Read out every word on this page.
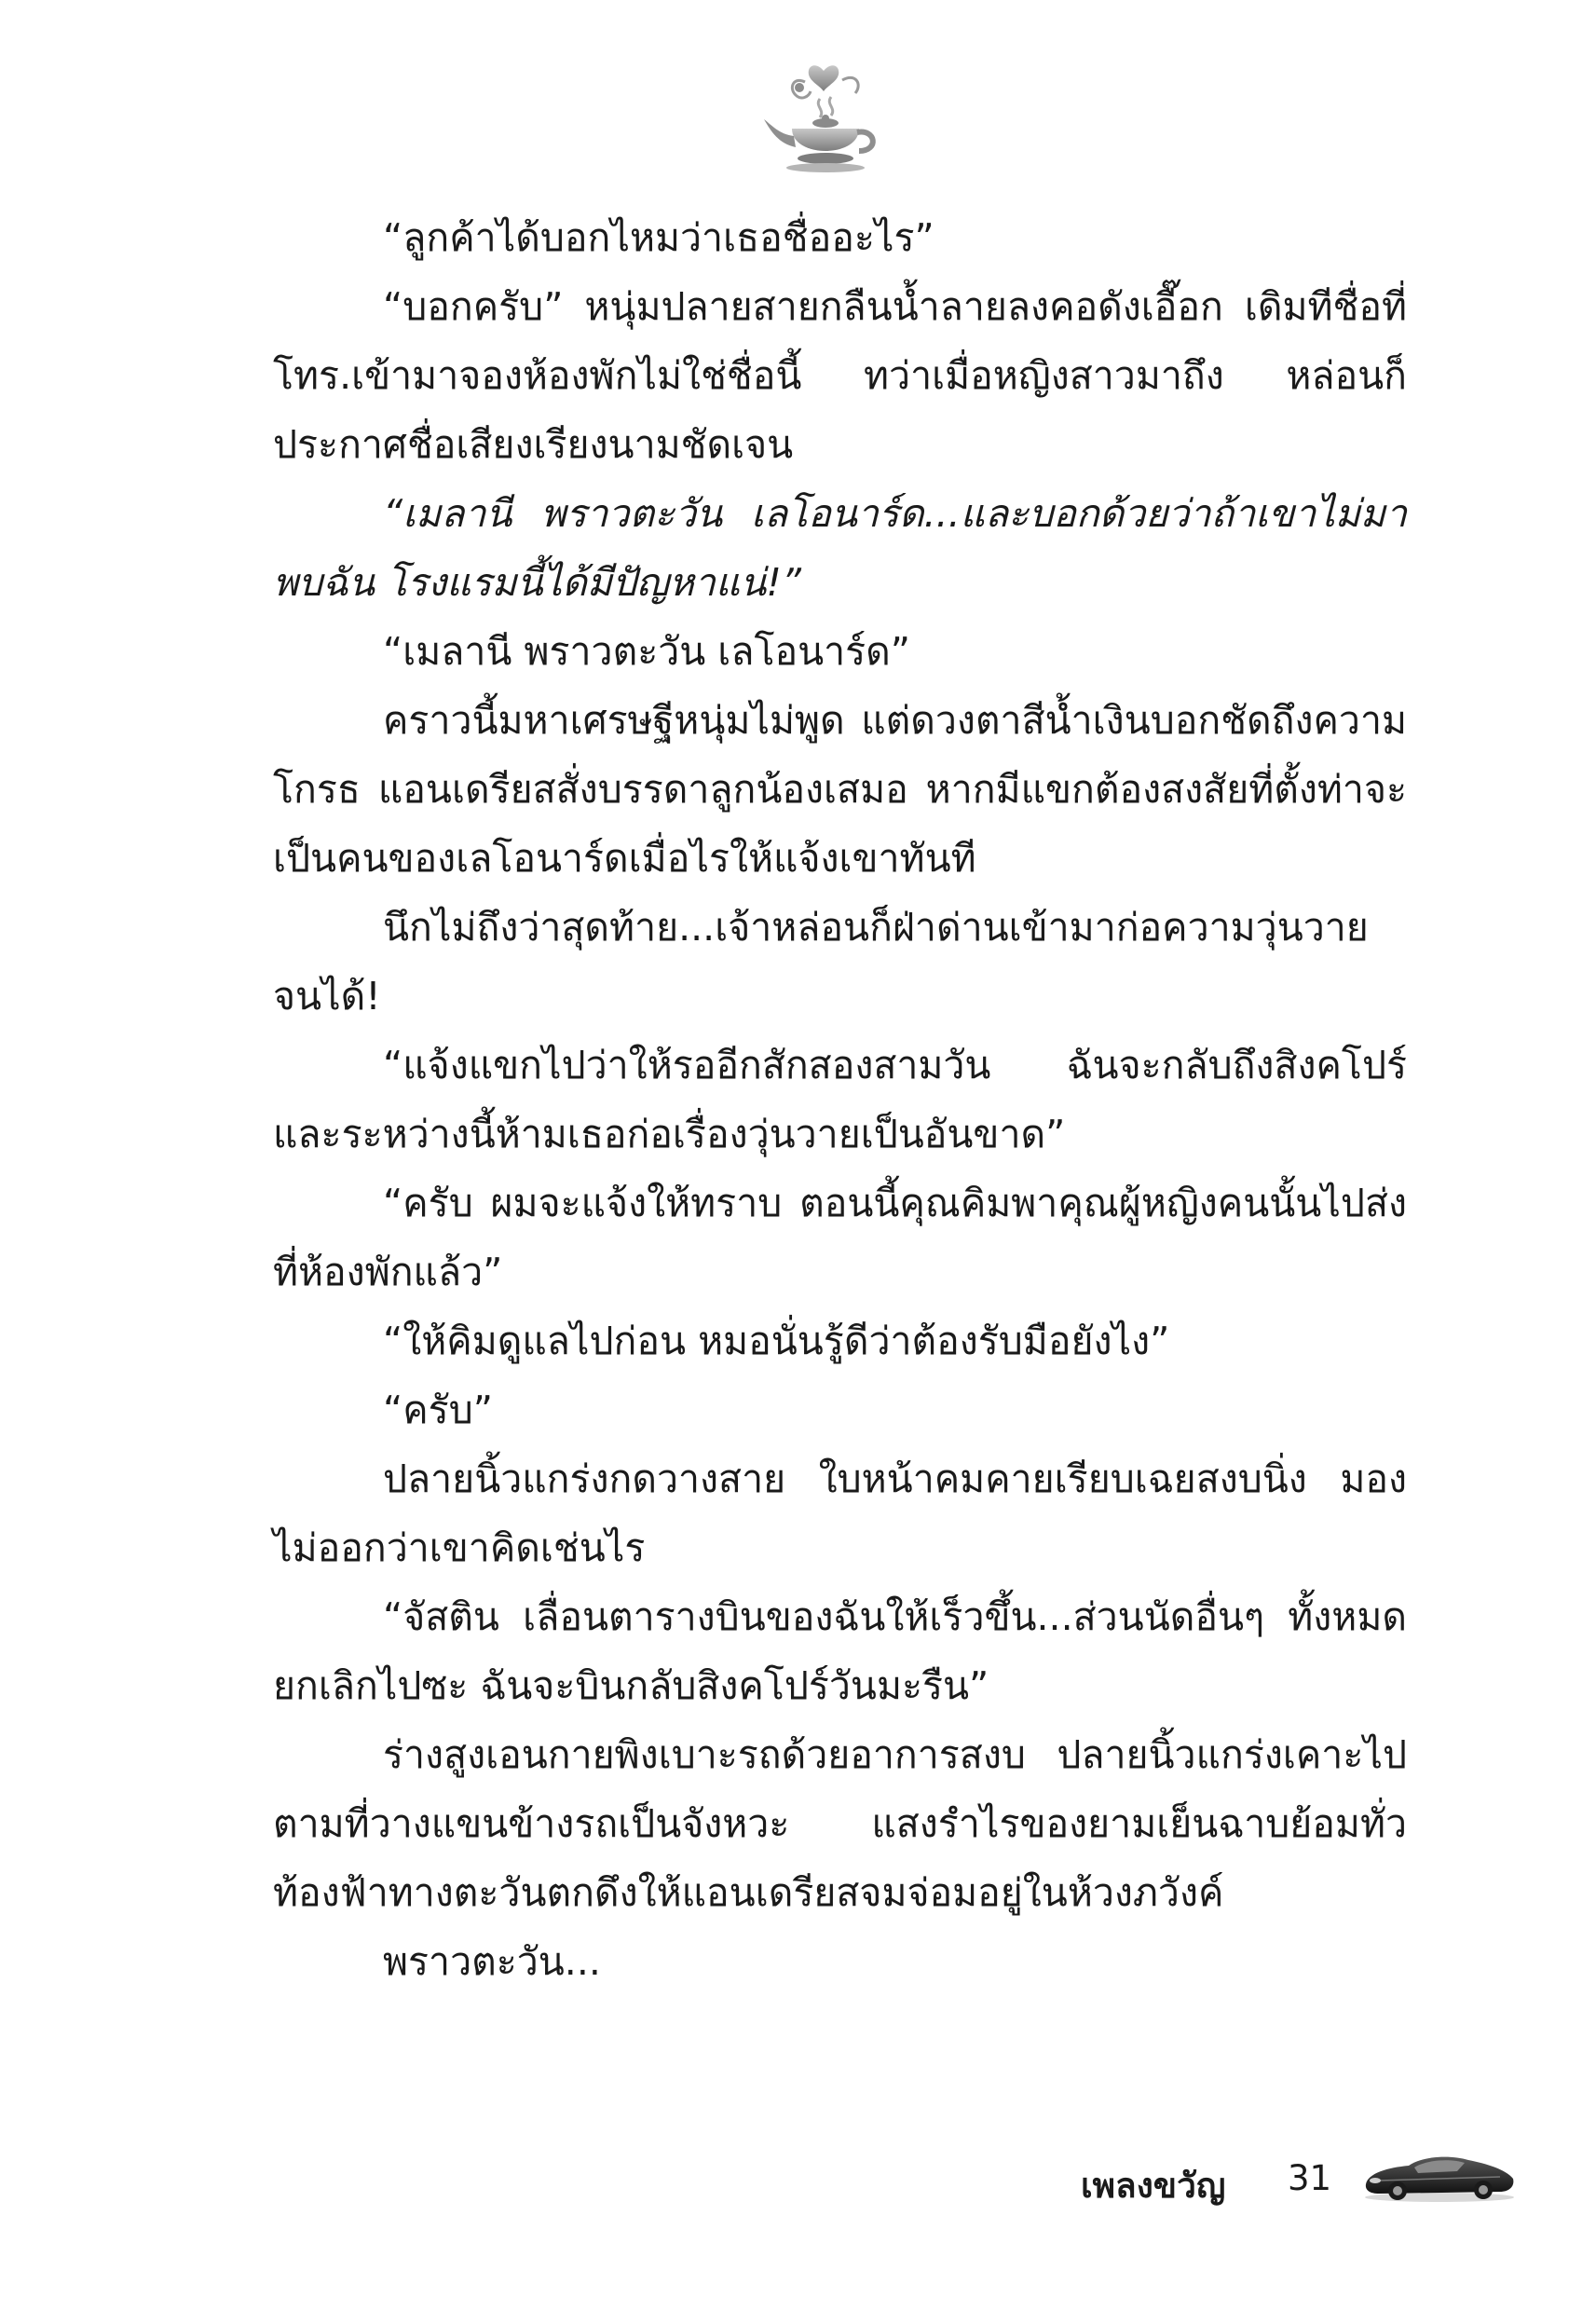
“ลูกค้าได้บอกไหมว่าเธอชื่ออะไร”

“บอกครับ” หนุ่มปลายสายกลืนน้ำลายลงคอดังเอื๊อก เดิมทีชื่อที่โทร.เข้ามาจองห้องพักไม่ใช่ชื่อนี้ ทว่าเมื่อหญิงสาวมาถึง หล่อนก็ประกาศชื่อเสียงเรียงนามชัดเจน

“เมลานี พราวตะวัน เลโอนาร์ด...และบอกด้วยว่าถ้าเขาไม่มาพบฉัน โรงแรมนี้ได้มีปัญหาแน่!”

“เมลานี พราวตะวัน เลโอนาร์ด”

คราวนี้มหาเศรษฐีหนุ่มไม่พูด แต่ดวงตาสีน้ำเงินบอกชัดถึงความโกรธ แอนเดรียสสั่งบรรดาลูกน้องเสมอ หากมีแขกต้องสงสัยที่ตั้งท่าจะเป็นคนของเลโอนาร์ดเมื่อไรให้แจ้งเขาทันที

นึกไม่ถึงว่าสุดท้าย...เจ้าหล่อนก็ฝ่าด่านเข้ามาก่อความวุ่นวายจนได้!

“แจ้งแขกไปว่าให้รออีกสักสองสามวัน ฉันจะกลับถึงสิงคโปร์ และระหว่างนี้ห้ามเธอก่อเรื่องวุ่นวายเป็นอันขาด”

“ครับ ผมจะแจ้งให้ทราบ ตอนนี้คุณคิมพาคุณผู้หญิงคนนั้นไปส่งที่ห้องพักแล้ว”

“ให้คิมดูแลไปก่อน หมอนั่นรู้ดีว่าต้องรับมือยังไง”

“ครับ”

ปลายนิ้วแกร่งกดวางสาย ใบหน้าคมคายเรียบเฉยสงบนิ่ง มองไม่ออกว่าเขาคิดเช่นไร

“จัสติน เลื่อนตารางบินของฉันให้เร็วขึ้น...ส่วนนัดอื่นๆ ทั้งหมดยกเลิกไปซะ ฉันจะบินกลับสิงคโปร์วันมะรืน”

ร่างสูงเอนกายพิงเบาะรถด้วยอาการสงบ ปลายนิ้วแกร่งเคาะไปตามที่วางแขนข้างรถเป็นจังหวะ แสงรำไรของยามเย็นฉาบย้อมทั่วท้องฟ้าทางตะวันตกดึงให้แอนเดรียสจมจ่อมอยู่ในห้วงภวังค์

พราวตะวัน...

เพลงขวัญ 31
